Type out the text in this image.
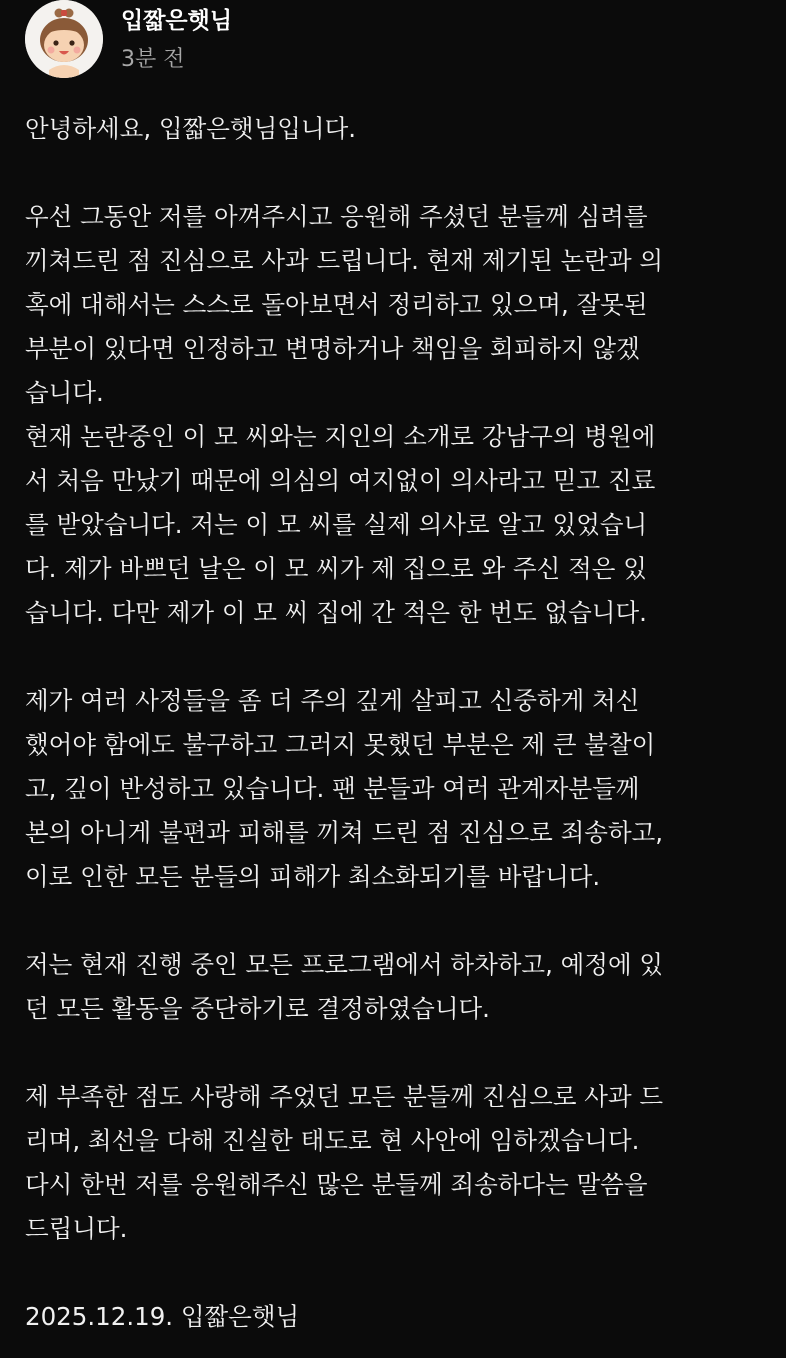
입짧은햇님
3분 전
안녕하세요, 입짧은햇님입니다.
우선 그동안 저를 아껴주시고 응원해 주셨던 분들께 심려를
끼쳐드린 점 진심으로 사과 드립니다. 현재 제기된 논란과 의
혹에 대해서는 스스로 돌아보면서 정리하고 있으며, 잘못된
부분이 있다면 인정하고 변명하거나 책임을 회피하지 않겠
습니다.
현재 논란중인 이 모 씨와는 지인의 소개로 강남구의 병원에
서 처음 만났기 때문에 의심의 여지없이 의사라고 믿고 진료
를 받았습니다. 저는 이 모 씨를 실제 의사로 알고 있었습니
다. 제가 바쁘던 날은 이 모 씨가 제 집으로 와 주신 적은 있
습니다. 다만 제가 이 모 씨 집에 간 적은 한 번도 없습니다.
제가 여러 사정들을 좀 더 주의 깊게 살피고 신중하게 처신
했어야 함에도 불구하고 그러지 못했던 부분은 제 큰 불찰이
고, 깊이 반성하고 있습니다. 팬 분들과 여러 관계자분들께
본의 아니게 불편과 피해를 끼쳐 드린 점 진심으로 죄송하고,
이로 인한 모든 분들의 피해가 최소화되기를 바랍니다.
저는 현재 진행 중인 모든 프로그램에서 하차하고, 예정에 있
던 모든 활동을 중단하기로 결정하였습니다.
제 부족한 점도 사랑해 주었던 모든 분들께 진심으로 사과 드
리며, 최선을 다해 진실한 태도로 현 사안에 임하겠습니다.
다시 한번 저를 응원해주신 많은 분들께 죄송하다는 말씀을
드립니다.
2025.12.19. 입짧은햇님
